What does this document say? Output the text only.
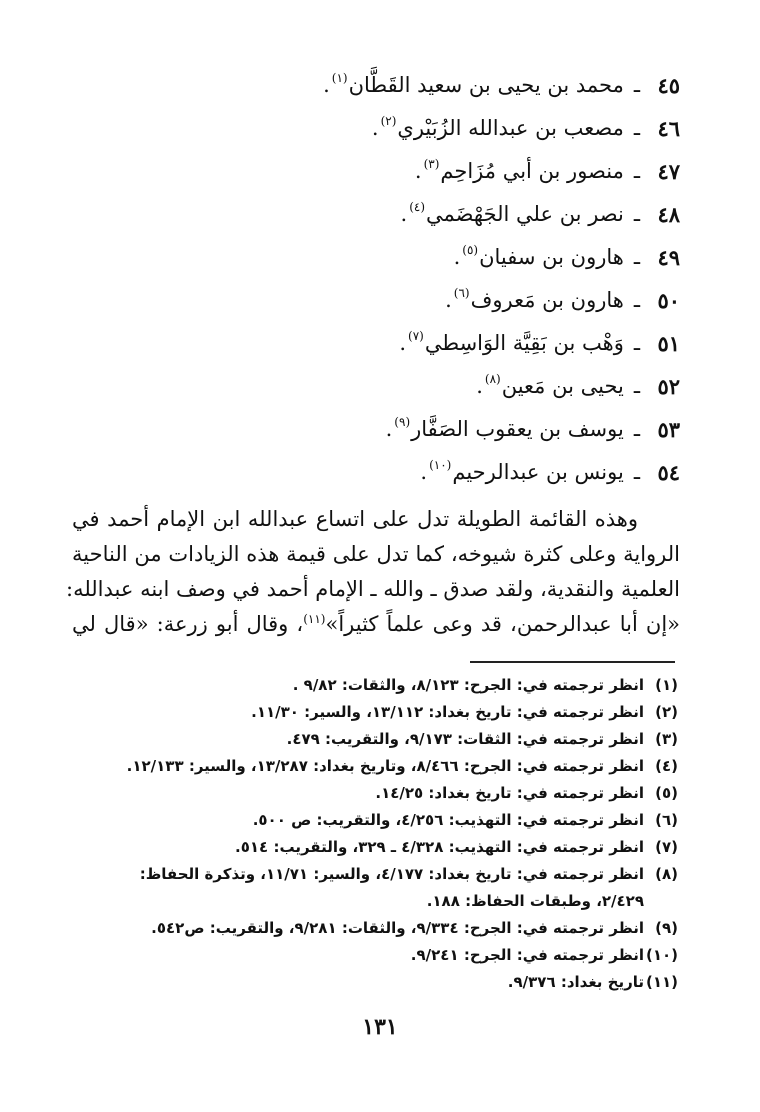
٤٥
ـ
محمد بن يحيى بن سعيد القَطَّان
(١)
.
٤٦
ـ
مصعب بن عبدالله الزُبَيْري
(٢)
.
٤٧
ـ
منصور بن أبي مُزَاحِم
(٣)
.
٤٨
ـ
نصر بن علي الجَهْضَمي
(٤)
.
٤٩
ـ
هارون بن سفيان
(٥)
.
٥٠
ـ
هارون بن مَعروف
(٦)
.
٥١
ـ
وَهْب بن بَقِيَّة الوَاسِطي
(٧)
.
٥٢
ـ
يحيى بن مَعين
(٨)
.
٥٣
ـ
يوسف بن يعقوب الصَفَّار
(٩)
.
٥٤
ـ
يونس بن عبدالرحيم
(١٠)
.
وهذه القائمة الطويلة تدل على اتساع عبدالله ابن الإمام أحمد في
الرواية وعلى كثرة شيوخه، كما تدل على قيمة هذه الزيادات من الناحية
العلمية والنقدية، ولقد صدق ـ والله ـ الإمام أحمد في وصف ابنه عبدالله:
«إن أبا عبدالرحمن، قد وعى علماً كثيراً»$^{(١١)}$، وقال أبو زرعة: «قال لي
(١)
انظر ترجمته في: الجرح: ٨/١٢٣، والثقات: ٩/٨٢ .
(٢)
انظر ترجمته في: تاريخ بغداد: ١٣/١١٢، والسير: ١١/٣٠.
(٣)
انظر ترجمته في: الثقات: ٩/١٧٣، والتقريب: ٤٧٩.
(٤)
انظر ترجمته في: الجرح: ٨/٤٦٦، وتاريخ بغداد: ١٣/٢٨٧، والسير: ١٢/١٣٣.
(٥)
انظر ترجمته في: تاريخ بغداد: ١٤/٢٥.
(٦)
انظر ترجمته في: التهذيب: ٤/٢٥٦، والتقريب: ص ٥٠٠.
(٧)
انظر ترجمته في: التهذيب: ٤/٣٢٨ ـ ٣٢٩، والتقريب: ٥١٤.
(٨)
انظر ترجمته في: تاريخ بغداد: ٤/١٧٧، والسير: ١١/٧١، وتذكرة الحفاظ:
٢/٤٢٩، وطبقات الحفاظ: ١٨٨.
(٩)
انظر ترجمته في: الجرح: ٩/٣٣٤، والثقات: ٩/٢٨١، والتقريب: ص٥٤٢.
(١٠)
انظر ترجمته في: الجرح: ٩/٢٤١.
(١١)
تاريخ بغداد: ٩/٣٧٦.
١٣١
